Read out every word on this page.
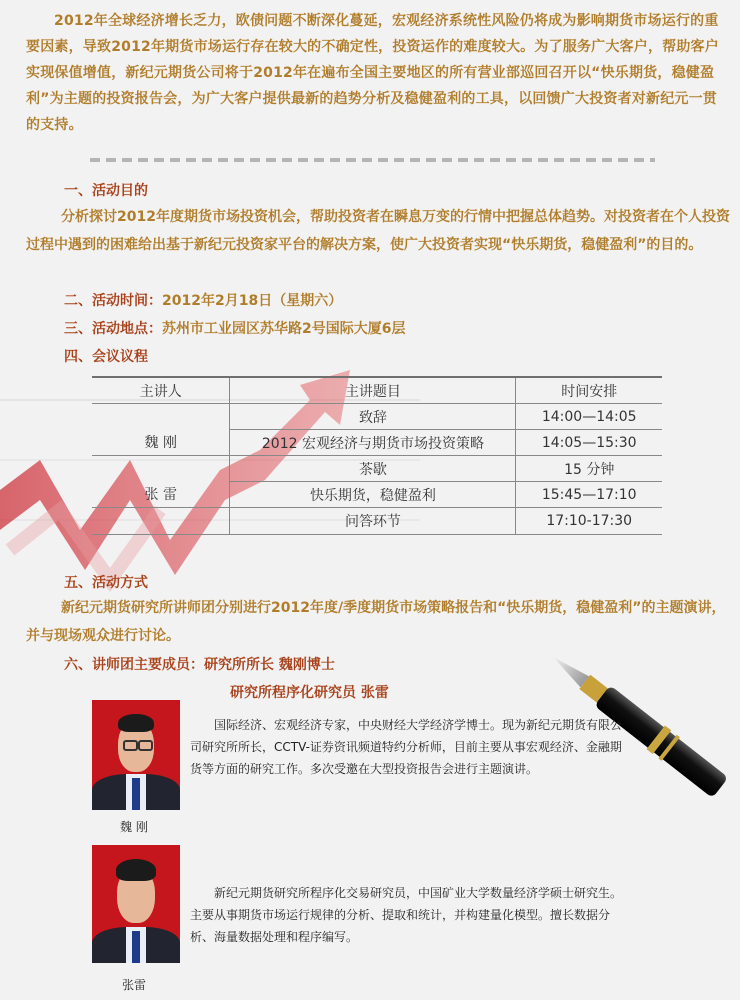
2012年全球经济增长乏力，欧债问题不断深化蔓延，宏观经济系统性风险仍将成为影响期货市场运行的重要因素，导致2012年期货市场运行存在较大的不确定性，投资运作的难度较大。为了服务广大客户，帮助客户实现保值增值，新纪元期货公司将于2012年在遍布全国主要地区的所有营业部巡回召开以“快乐期货，稳健盈利”为主题的投资报告会，为广大客户提供最新的趋势分析及稳健盈利的工具，以回馈广大投资者对新纪元一贯的支持。
一、活动目的
分析探讨2012年度期货市场投资机会，帮助投资者在瞬息万变的行情中把握总体趋势。对投资者在个人投资过程中遇到的困难给出基于新纪元投资家平台的解决方案，使广大投资者实现“快乐期货，稳健盈利”的目的。
二、活动时间：2012年2月18日（星期六）
三、活动地点：苏州市工业园区苏华路2号国际大厦6层
四、会议议程
主讲人	主讲题目	时间安排
	致辞	14:00—14:05
魏 刚	2012 宏观经济与期货市场投资策略	14:05—15:30
	茶歇	15 分钟
张 雷	快乐期货，稳健盈利	15:45—17:10
	问答环节	17:10-17:30
五、活动方式
新纪元期货研究所讲师团分别进行2012年度/季度期货市场策略报告和“快乐期货，稳健盈利”的主题演讲，并与现场观众进行讨论。
六、讲师团主要成员：研究所所长 魏刚博士
研究所程序化研究员 张雷
魏 刚
国际经济、宏观经济专家，中央财经大学经济学博士。现为新纪元期货有限公司研究所所长，CCTV-证券资讯频道特约分析师，目前主要从事宏观经济、金融期货等方面的研究工作。多次受邀在大型投资报告会进行主题演讲。
张雷
新纪元期货研究所程序化交易研究员，中国矿业大学数量经济学硕士研究生。主要从事期货市场运行规律的分析、提取和统计，并构建量化模型。擅长数据分析、海量数据处理和程序编写。
